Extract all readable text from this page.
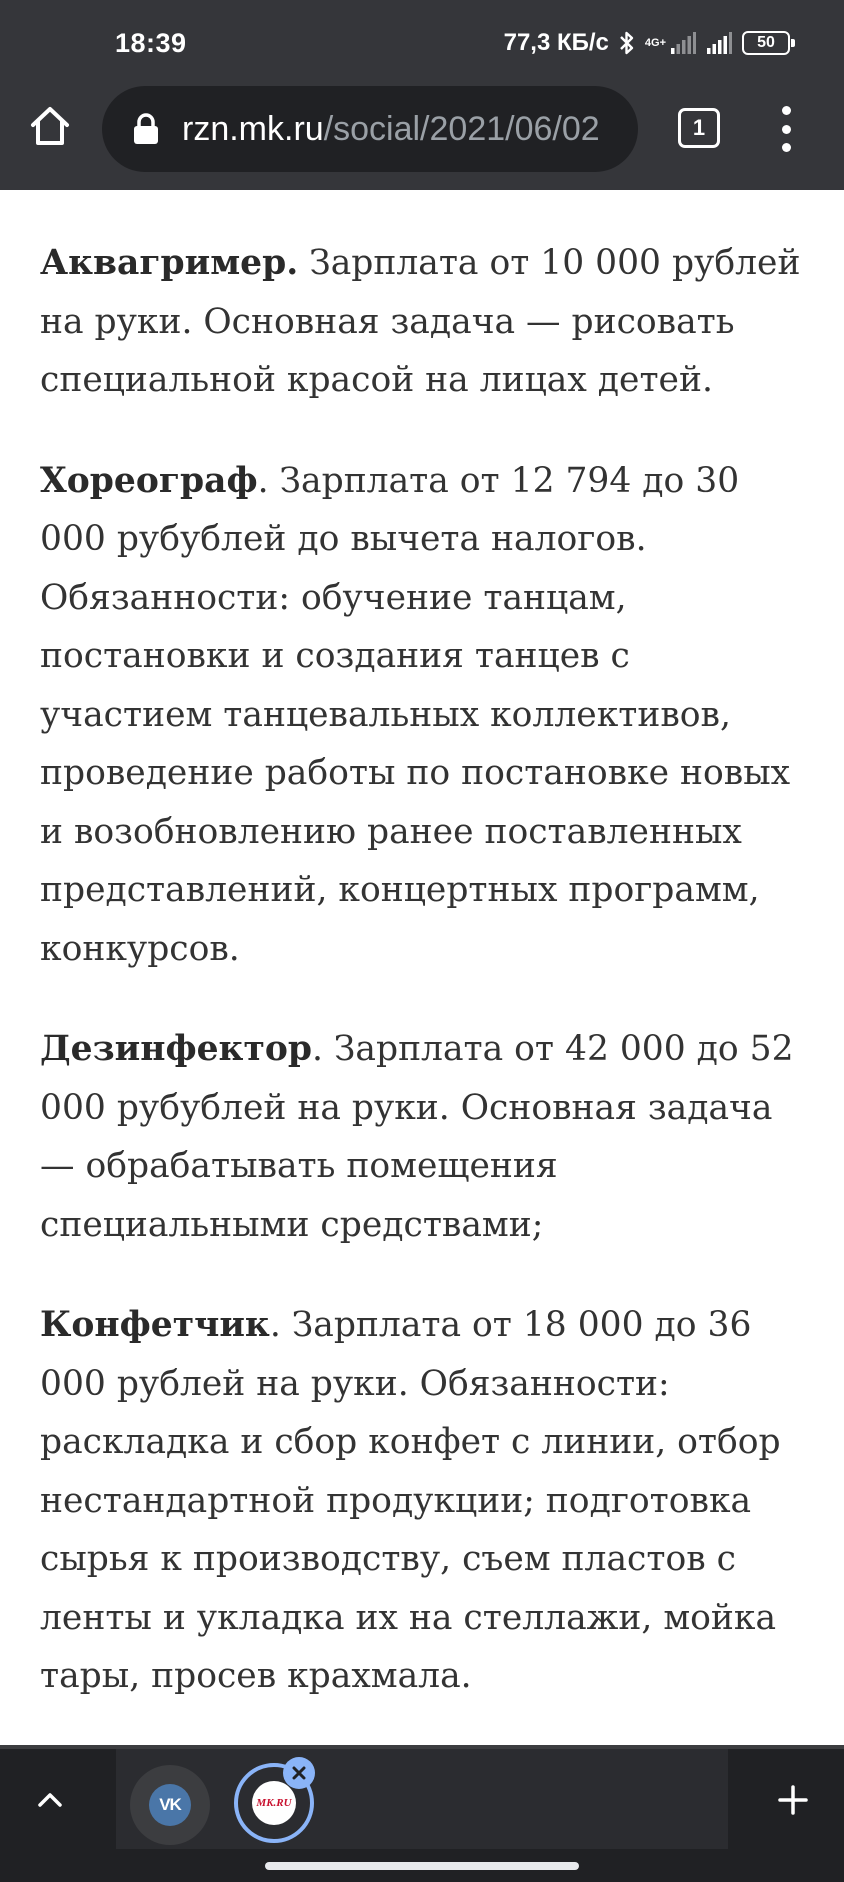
18:39	77,3 КБ/с	4G+	50
rzn.mk.ru/social/2021/06/02	1

Аквагример. Зарплата от 10 000 рублей на руки. Основная задача — рисовать специальной красой на лицах детей.

Хореограф. Зарплата от 12 794 до 30 000 рубублей до вычета налогов. Обязанности: обучение танцам, постановки и создания танцев с участием танцевальных коллективов, проведение работы по постановке новых и возобновлению ранее поставленных представлений, концертных программ, конкурсов.

Дезинфектор. Зарплата от 42 000 до 52 000 рубублей на руки. Основная задача — обрабатывать помещения специальными средствами;

Конфетчик. Зарплата от 18 000 до 36 000 рублей на руки. Обязанности: раскладка и сбор конфет с линии, отбор нестандартной продукции; подготовка сырья к производству, съем пластов с ленты и укладка их на стеллажи, мойка тары, просев крахмала.

VK	MK.RU
